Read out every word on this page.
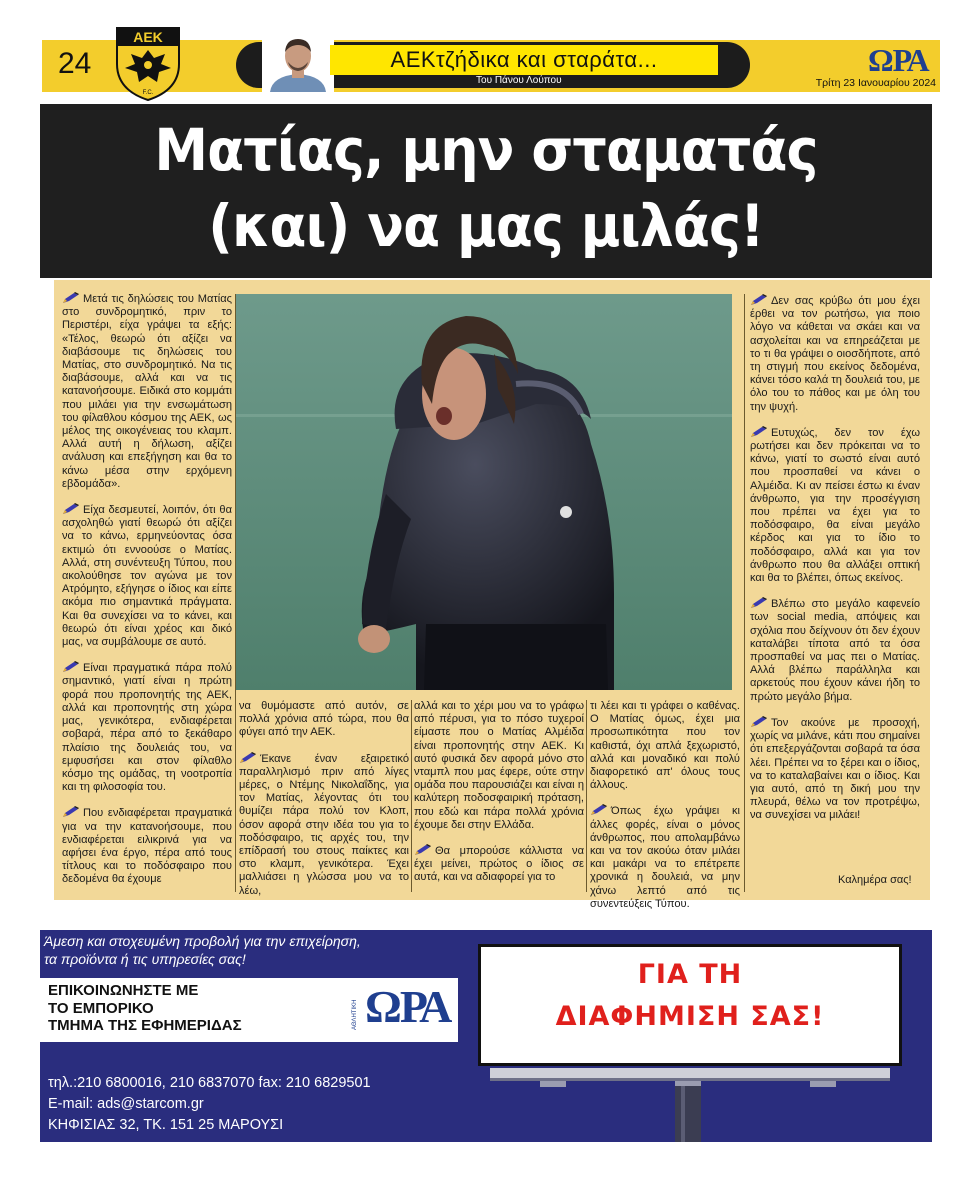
24
ΑΕΚ
F.C.
ΑΕΚτζήδικα και σταράτα...
Του Πάνου Λούπου
ΩΡΑ
Τρίτη 23 Ιανουαρίου 2024
Ματίας, μην σταματάς
(και) να μας μιλάς!

Μετά τις δηλώσεις του Ματίας στο συνδρομητικό, πριν το Περιστέρι, είχα γράψει τα εξής: «Τέλος, θεωρώ ότι αξίζει να διαβάσουμε τις δηλώσεις του Ματίας, στο συνδρομητικό. Να τις διαβάσουμε, αλλά και να τις κατανοήσουμε. Ειδικά στο κομμάτι που μιλάει για την ενσωμάτωση του φίλαθλου κόσμου της ΑΕΚ, ως μέλος της οικογένειας του κλαμπ. Αλλά αυτή η δήλωση, αξίζει ανάλυση και επεξήγηση και θα το κάνω μέσα στην ερχόμενη εβδομάδα».

Είχα δεσμευτεί, λοιπόν, ότι θα ασχοληθώ γιατί θεωρώ ότι αξίζει να το κάνω, ερμηνεύοντας όσα εκτιμώ ότι εννοούσε ο Ματίας. Αλλά, στη συνέντευξη Τύπου, που ακολούθησε τον αγώνα με τον Ατρόμητο, εξήγησε ο ίδιος και είπε ακόμα πιο σημαντικά πράγματα. Και θα συνεχίσει να το κάνει, και θεωρώ ότι είναι χρέος και δικό μας, να συμβάλουμε σε αυτό.

Είναι πραγματικά πάρα πολύ σημαντικό, γιατί είναι η πρώτη φορά που προπονητής της ΑΕΚ, αλλά και προπονητής στη χώρα μας, γενικότερα, ενδιαφέρεται σοβαρά, πέρα από το ξεκάθαρο πλαίσιο της δουλειάς του, να εμφυσήσει και στον φίλαθλο κόσμο της ομάδας, τη νοοτροπία και τη φιλοσοφία του.

Που ενδιαφέρεται πραγματικά για να την κατανοήσουμε, που ενδιαφέρεται ειλικρινά για να αφήσει ένα έργο, πέρα από τους τίτλους και το ποδόσφαιρο που δεδομένα θα έχουμε

να θυμόμαστε από αυτόν, σε πολλά χρόνια από τώρα, που θα φύγει από την ΑΕΚ.

Έκανε έναν εξαιρετικό παραλληλισμό πριν από λίγες μέρες, ο Ντέμης Νικολαΐδης, για τον Ματίας, λέγοντας ότι του θυμίζει πάρα πολύ τον Κλοπ, όσον αφορά στην ιδέα του για το ποδόσφαιρο, τις αρχές του, την επίδρασή του στους παίκτες και στο κλαμπ, γενικότερα. Έχει μαλλιάσει η γλώσσα μου να το λέω,

αλλά και το χέρι μου να το γράφω από πέρυσι, για το πόσο τυχεροί είμαστε που ο Ματίας Αλμέιδα είναι προπονητής στην ΑΕΚ. Κι αυτό φυσικά δεν αφορά μόνο στο νταμπλ που μας έφερε, ούτε στην ομάδα που παρουσιάζει και είναι η καλύτερη ποδοσφαιρική πρόταση, που εδώ και πάρα πολλά χρόνια έχουμε δει στην Ελλάδα.

Θα μπορούσε κάλλιστα να έχει μείνει, πρώτος ο ίδιος σε αυτά, και να αδιαφορεί για το

τι λέει και τι γράφει ο καθένας. Ο Ματίας όμως, έχει μια προσωπικότητα που τον καθιστά, όχι απλά ξεχωριστό, αλλά και μοναδικό και πολύ διαφορετικό απ' όλους τους άλλους.

Όπως έχω γράψει κι άλλες φορές, είναι ο μόνος άνθρωπος, που απολαμβάνω και να τον ακούω όταν μιλάει και μακάρι να το επέτρεπε χρονικά η δουλειά, να μην χάνω λεπτό από τις συνεντεύξεις Τύπου.

Δεν σας κρύβω ότι μου έχει έρθει να τον ρωτήσω, για ποιο λόγο να κάθεται να σκάει και να ασχολείται και να επηρεάζεται με το τι θα γράψει ο οιοσδήποτε, από τη στιγμή που εκείνος δεδομένα, κάνει τόσο καλά τη δουλειά του, με όλο του το πάθος και με όλη του την ψυχή.

Ευτυχώς, δεν τον έχω ρωτήσει και δεν πρόκειται να το κάνω, γιατί το σωστό είναι αυτό που προσπαθεί να κάνει ο Αλμέιδα. Κι αν πείσει έστω κι έναν άνθρωπο, για την προσέγγιση που πρέπει να έχει για το ποδόσφαιρο, θα είναι μεγάλο κέρδος και για το ίδιο το ποδόσφαιρο, αλλά και για τον άνθρωπο που θα αλλάξει οπτική και θα το βλέπει, όπως εκείνος.

Βλέπω στο μεγάλο καφενείο των social media, απόψεις και σχόλια που δείχνουν ότι δεν έχουν καταλάβει τίποτα από τα όσα προσπαθεί να μας πει ο Ματίας. Αλλά βλέπω παράλληλα και αρκετούς που έχουν κάνει ήδη το πρώτο μεγάλο βήμα.

Τον ακούνε με προσοχή, χωρίς να μιλάνε, κάτι που σημαίνει ότι επεξεργάζονται σοβαρά τα όσα λέει. Πρέπει να το ξέρει και ο ίδιος, να το καταλαβαίνει και ο ίδιος. Και για αυτό, από τη δική μου την πλευρά, θέλω να τον προτρέψω, να συνεχίσει να μιλάει!

Καλημέρα σας!
Άμεση και στοχευμένη προβολή για την επιχείρηση,
τα προϊόντα ή τις υπηρεσίες σας!
ΕΠΙΚΟΙΝΩΝΗΣΤΕ ΜΕ
ΤΟ ΕΜΠΟΡΙΚΟ
ΤΜΗΜΑ ΤΗΣ ΕΦΗΜΕΡΙΔΑΣ	ΑΘΛΗΤΙΚΗ ΩΡΑ
τηλ.:210 6800016, 210 6837070 fax: 210 6829501
E-mail: ads@starcom.gr
ΚΗΦΙΣΙΑΣ 32, ΤΚ. 151 25 ΜΑΡΟΥΣΙ
ΓΙΑ ΤΗ
ΔΙΑΦΗΜΙΣΗ ΣΑΣ!
